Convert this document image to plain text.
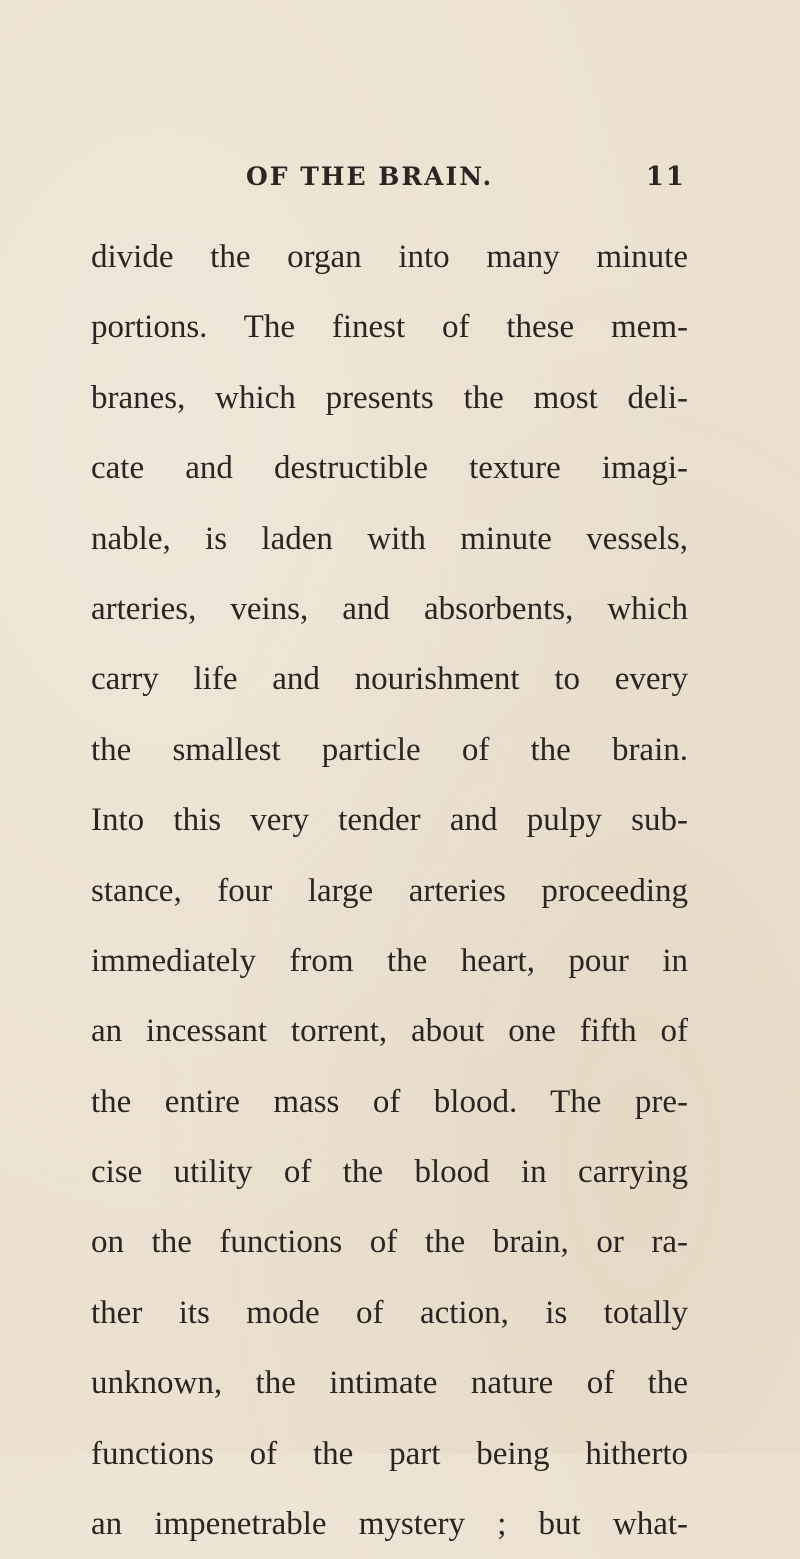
OF THE BRAIN.	11
divide the organ into many minute
portions. The finest of these mem-
branes, which presents the most deli-
cate and destructible texture imagi-
nable, is laden with minute vessels,
arteries, veins, and absorbents, which
carry life and nourishment to every
the smallest particle of the brain.
Into this very tender and pulpy sub-
stance, four large arteries proceeding
immediately from the heart, pour in
an incessant torrent, about one fifth of
the entire mass of blood. The pre-
cise utility of the blood in carrying
on the functions of the brain, or ra-
ther its mode of action, is totally
unknown, the intimate nature of the
functions of the part being hitherto
an impenetrable mystery ; but what-
